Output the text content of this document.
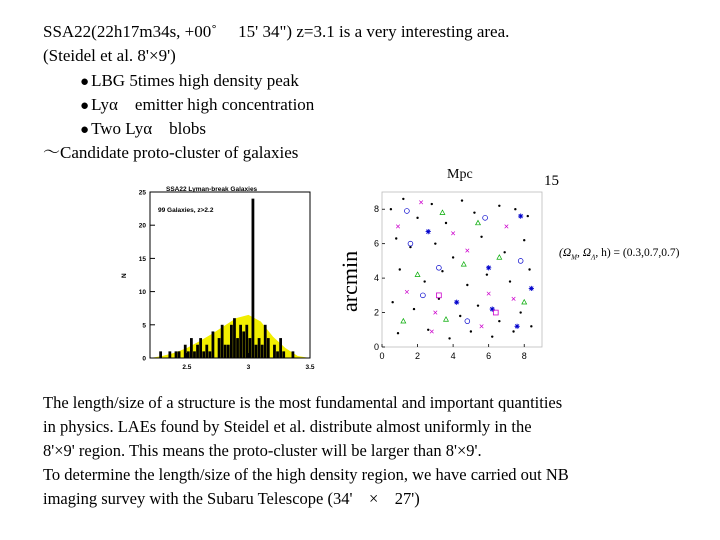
SSA22(22h17m34s, +00˚　 15' 34") z=3.1 is a very interesting area.
(Steidel et al. 8'×9')
● LBG 5times high density peak
● Lyα　emitter high concentration
● Two Lyα　blobs
～Candidate proto-cluster of galaxies
2.5	3	3.5
0
5
10
15
20
25	SSA22 Lyman-break Galaxies
99 Galaxies, z>2.2
N
Mpc	15
arcmin
0	2	4	6	8
0
2
4
6
8
($\Omega_M$, $\Omega_\Lambda$, h) = (0.3,0.7,0.7)
The length/size of a structure is the most fundamental and important quantities
in physics. LAEs found by Steidel et al. distribute almost uniformly in the
8'×9' region. This means the proto-cluster will be larger than 8'×9'.
To determine the length/size of the high density region, we have carried out NB
imaging survey with the Subaru Telescope (34'　×　27')
